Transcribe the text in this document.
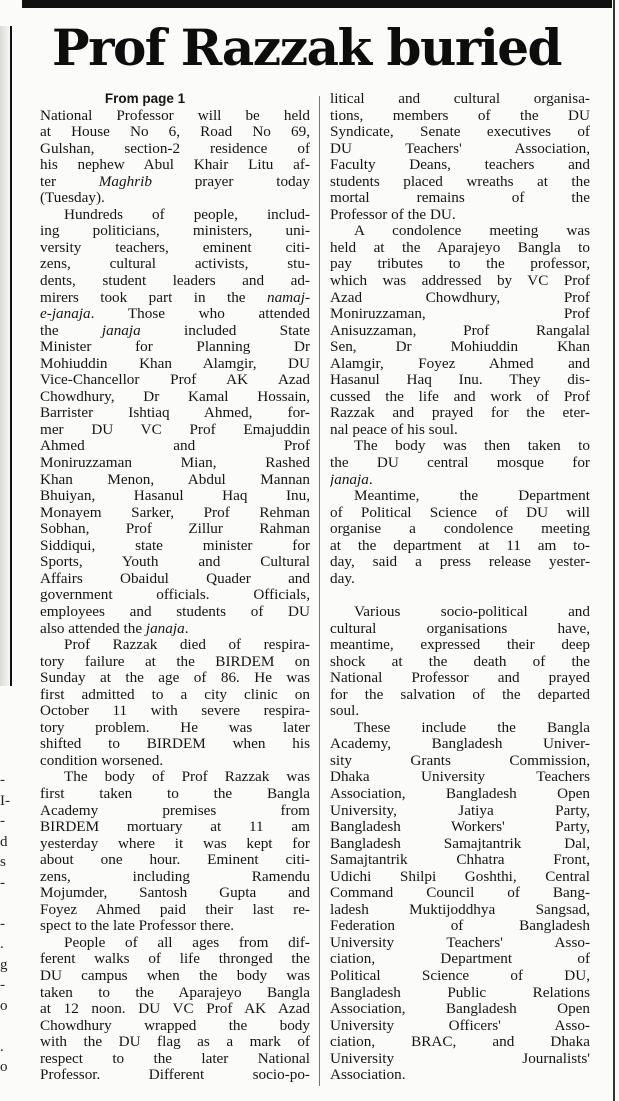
-
I-
-
d
s
-

-
.
g
-
o

.
o
Prof Razzak buried
From page 1
National Professor will be held
at House No 6, Road No 69,
Gulshan, section-2 residence of
his nephew Abul Khair Litu af-
ter Maghrib prayer today
(Tuesday).
Hundreds of people, includ-
ing politicians, ministers, uni-
versity teachers, eminent citi-
zens, cultural activists, stu-
dents, student leaders and ad-
mirers took part in the namaj-
e-janaja. Those who attended
the janaja included State
Minister for Planning Dr
Mohiuddin Khan Alamgir, DU
Vice-Chancellor Prof AK Azad
Chowdhury, Dr Kamal Hossain,
Barrister Ishtiaq Ahmed, for-
mer DU VC Prof Emajuddin
Ahmed and Prof
Moniruzzaman Mian, Rashed
Khan Menon, Abdul Mannan
Bhuiyan, Hasanul Haq Inu,
Monayem Sarker, Prof Rehman
Sobhan, Prof Zillur Rahman
Siddiqui, state minister for
Sports, Youth and Cultural
Affairs Obaidul Quader and
government officials. Officials,
employees and students of DU
also attended the janaja.
Prof Razzak died of respira-
tory failure at the BIRDEM on
Sunday at the age of 86. He was
first admitted to a city clinic on
October 11 with severe respira-
tory problem. He was later
shifted to BIRDEM when his
condition worsened.
The body of Prof Razzak was
first taken to the Bangla
Academy premises from
BIRDEM mortuary at 11 am
yesterday where it was kept for
about one hour. Eminent citi-
zens, including Ramendu
Mojumder, Santosh Gupta and
Foyez Ahmed paid their last re-
spect to the late Professor there.
People of all ages from dif-
ferent walks of life thronged the
DU campus when the body was
taken to the Aparajeyo Bangla
at 12 noon. DU VC Prof AK Azad
Chowdhury wrapped the body
with the DU flag as a mark of
respect to the later National
Professor. Different socio-po-
litical and cultural organisa-
tions, members of the DU
Syndicate, Senate executives of
DU Teachers' Association,
Faculty Deans, teachers and
students placed wreaths at the
mortal remains of the
Professor of the DU.
A condolence meeting was
held at the Aparajeyo Bangla to
pay tributes to the professor,
which was addressed by VC Prof
Azad Chowdhury, Prof
Moniruzzaman, Prof
Anisuzzaman, Prof Rangalal
Sen, Dr Mohiuddin Khan
Alamgir, Foyez Ahmed and
Hasanul Haq Inu. They dis-
cussed the life and work of Prof
Razzak and prayed for the eter-
nal peace of his soul.
The body was then taken to
the DU central mosque for
janaja.
Meantime, the Department
of Political Science of DU will
organise a condolence meeting
at the department at 11 am to-
day, said a press release yester-
day.
Various socio-political and
cultural organisations have,
meantime, expressed their deep
shock at the death of the
National Professor and prayed
for the salvation of the departed
soul.
These include the Bangla
Academy, Bangladesh Univer-
sity Grants Commission,
Dhaka University Teachers
Association, Bangladesh Open
University, Jatiya Party,
Bangladesh Workers' Party,
Bangladesh Samajtantrik Dal,
Samajtantrik Chhatra Front,
Udichi Shilpi Goshthi, Central
Command Council of Bang-
ladesh Muktijoddhya Sangsad,
Federation of Bangladesh
University Teachers' Asso-
ciation, Department of
Political Science of DU,
Bangladesh Public Relations
Association, Bangladesh Open
University Officers' Asso-
ciation, BRAC, and Dhaka
University Journalists'
Association.
